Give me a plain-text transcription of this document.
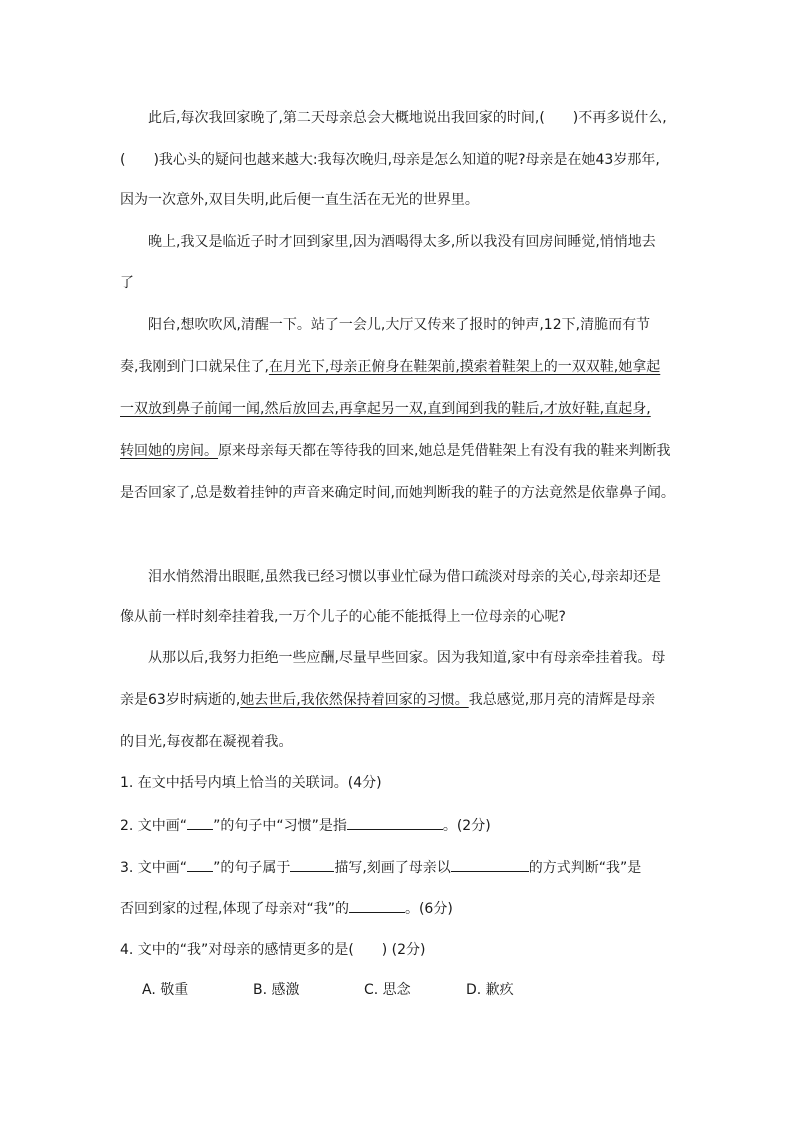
此后,每次我回家晚了,第二天母亲总会大概地说出我回家的时间,(　　)不再多说什么,
(　　)我心头的疑问也越来越大:我每次晚归,母亲是怎么知道的呢?母亲是在她43岁那年,
因为一次意外,双目失明,此后便一直生活在无光的世界里。
晚上,我又是临近子时才回到家里,因为酒喝得太多,所以我没有回房间睡觉,悄悄地去
了
阳台,想吹吹风,清醒一下。站了一会儿,大厅又传来了报时的钟声,12下,清脆而有节
奏,我刚到门口就呆住了,在月光下,母亲正俯身在鞋架前,摸索着鞋架上的一双双鞋,她拿起
一双放到鼻子前闻一闻,然后放回去,再拿起另一双,直到闻到我的鞋后,才放好鞋,直起身,
转回她的房间。原来母亲每天都在等待我的回来,她总是凭借鞋架上有没有我的鞋来判断我
是否回家了,总是数着挂钟的声音来确定时间,而她判断我的鞋子的方法竟然是依靠鼻子闻。
泪水悄然滑出眼眶,虽然我已经习惯以事业忙碌为借口疏淡对母亲的关心,母亲却还是
像从前一样时刻牵挂着我,一万个儿子的心能不能抵得上一位母亲的心呢?
从那以后,我努力拒绝一些应酬,尽量早些回家。因为我知道,家中有母亲牵挂着我。母
亲是63岁时病逝的,她去世后,我依然保持着回家的习惯。我总感觉,那月亮的清辉是母亲
的目光,每夜都在凝视着我。
1. 在文中括号内填上恰当的关联词。(4分)
2. 文中画“ ”的句子中“习惯”是指	。(2分)
3. 文中画“ ”的句子属于	描写,刻画了母亲以	的方式判断“我”是
否回到家的过程,体现了母亲对“我”的	。(6分)
4. 文中的“我”对母亲的感情更多的是(　　) (2分)
A. 敬重	B. 感激	C. 思念	D. 歉疚
